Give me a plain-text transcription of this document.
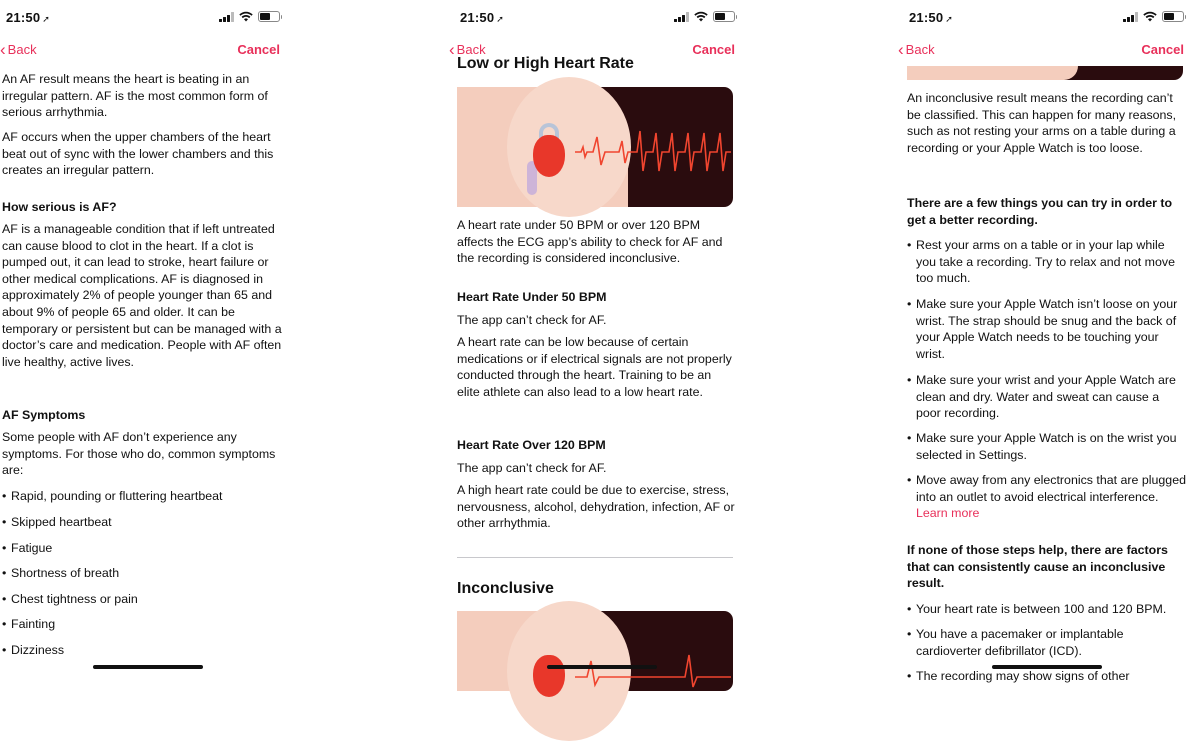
21:50 ➚
‹ Back	Cancel

An AF result means the heart is beating in an irregular pattern. AF is the most common form of serious arrhythmia.

AF occurs when the upper chambers of the heart beat out of sync with the lower chambers and this creates an irregular pattern.

How serious is AF?

AF is a manageable condition that if left untreated can cause blood to clot in the heart. If a clot is pumped out, it can lead to stroke, heart failure or other medical complications. AF is diagnosed in approximately 2% of people younger than 65 and about 9% of people 65 and older. It can be temporary or persistent but can be managed with a doctor’s care and medication. People with AF often live healthy, active lives.

AF Symptoms

Some people with AF don’t experience any symptoms. For those who do, common symptoms are:

• Rapid, pounding or fluttering heartbeat

• Skipped heartbeat

• Fatigue

• Shortness of breath

• Chest tightness or pain

• Fainting

• Dizziness

21:50 ➚
‹ Back	Cancel
Low or High Heart Rate

A heart rate under 50 BPM or over 120 BPM affects the ECG app’s ability to check for AF and the recording is considered inconclusive.

Heart Rate Under 50 BPM

The app can’t check for AF.

A heart rate can be low because of certain medications or if electrical signals are not properly conducted through the heart. Training to be an elite athlete can also lead to a low heart rate.

Heart Rate Over 120 BPM

The app can’t check for AF.

A high heart rate could be due to exercise, stress, nervousness, alcohol, dehydration, infection, AF or other arrhythmia.

Inconclusive
21:50 ➚
‹ Back	Cancel

An inconclusive result means the recording can’t be classified. This can happen for many reasons, such as not resting your arms on a table during a recording or your Apple Watch is too loose.

There are a few things you can try in order to get a better recording.

• Rest your arms on a table or in your lap while you take a recording. Try to relax and not move too much.

• Make sure your Apple Watch isn’t loose on your wrist. The strap should be snug and the back of your Apple Watch needs to be touching your wrist.

• Make sure your wrist and your Apple Watch are clean and dry. Water and sweat can cause a poor recording.

• Make sure your Apple Watch is on the wrist you selected in Settings.

• Move away from any electronics that are plugged into an outlet to avoid electrical interference. Learn more

If none of those steps help, there are factors that can consistently cause an inconclusive result.

• Your heart rate is between 100 and 120 BPM.

• You have a pacemaker or implantable cardioverter defibrillator (ICD).

• The recording may show signs of other
